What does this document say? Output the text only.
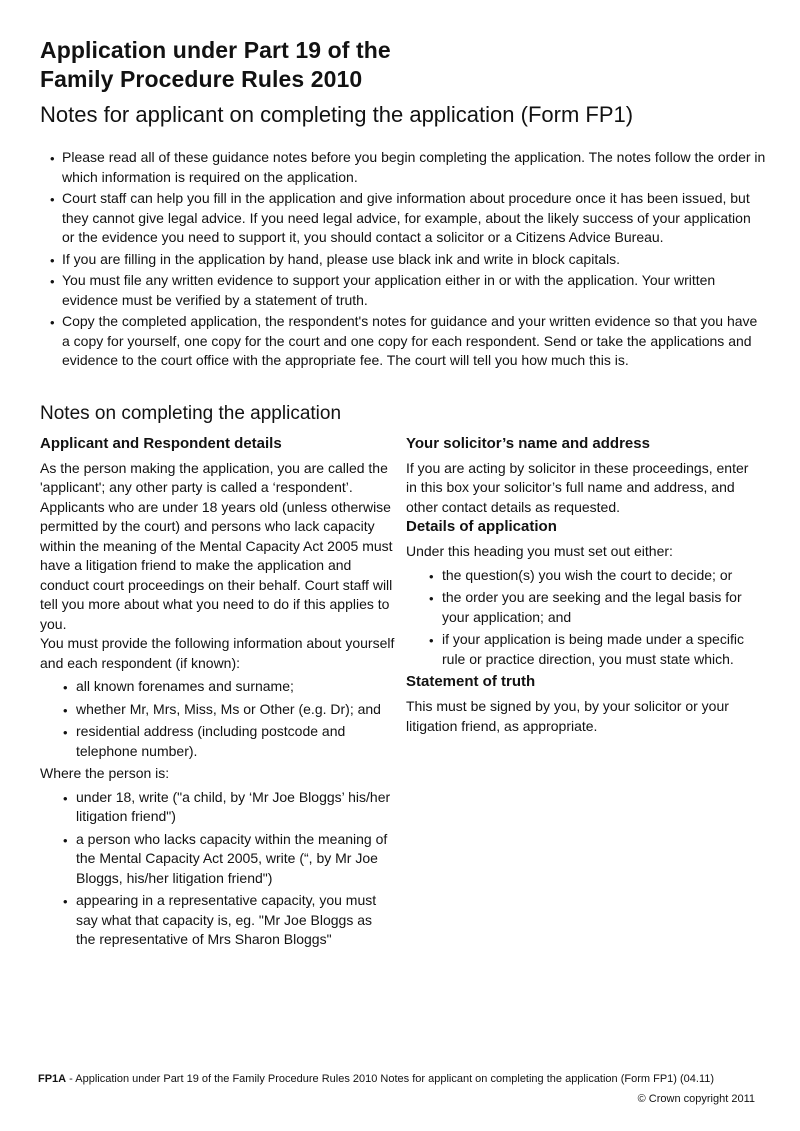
Application under Part 19 of the
Family Procedure Rules 2010
Notes for applicant on completing the application (Form FP1)
• Please read all of these guidance notes before you begin completing the application. The notes follow the order in which information is required on the application.
• Court staff can help you fill in the application and give information about procedure once it has been issued, but they cannot give legal advice. If you need legal advice, for example, about the likely success of your application or the evidence you need to support it, you should contact a solicitor or a Citizens Advice Bureau.
• If you are filling in the application by hand, please use black ink and write in block capitals.
• You must file any written evidence to support your application either in or with the application. Your written evidence must be verified by a statement of truth.
• Copy the completed application, the respondent's notes for guidance and your written evidence so that you have a copy for yourself, one copy for the court and one copy for each respondent. Send or take the applications and evidence to the court office with the appropriate fee. The court will tell you how much this is.
Notes on completing the application
Applicant and Respondent details

As the person making the application, you are called the 'applicant'; any other party is called a ‘respondent’. Applicants who are under 18 years old (unless otherwise permitted by the court) and persons who lack capacity within the meaning of the Mental Capacity Act 2005 must have a litigation friend to make the application and conduct court proceedings on their behalf. Court staff will tell you more about what you need to do if this applies to you.

You must provide the following information about yourself and each respondent (if known):

• all known forenames and surname;
• whether Mr, Mrs, Miss, Ms or Other (e.g. Dr); and
• residential address (including postcode and telephone number).

Where the person is:

• under 18, write ("a child, by ‘Mr Joe Bloggs’ his/her litigation friend")
• a person who lacks capacity within the meaning of the Mental Capacity Act 2005, write (“, by Mr Joe Bloggs, his/her litigation friend")
• appearing in a representative capacity, you must say what that capacity is, eg. "Mr Joe Bloggs as the representative of Mrs Sharon Bloggs"
Your solicitor’s name and address

If you are acting by solicitor in these proceedings, enter in this box your solicitor’s full name and address, and other contact details as requested.

Details of application

Under this heading you must set out either:

• the question(s) you wish the court to decide; or
• the order you are seeking and the legal basis for your application; and
• if your application is being made under a specific rule or practice direction, you must state which.
Statement of truth

This must be signed by you, by your solicitor or your litigation friend, as appropriate.

FP1A - Application under Part 19 of the Family Procedure Rules 2010 Notes for applicant on completing the application (Form FP1) (04.11)

© Crown copyright 2011
